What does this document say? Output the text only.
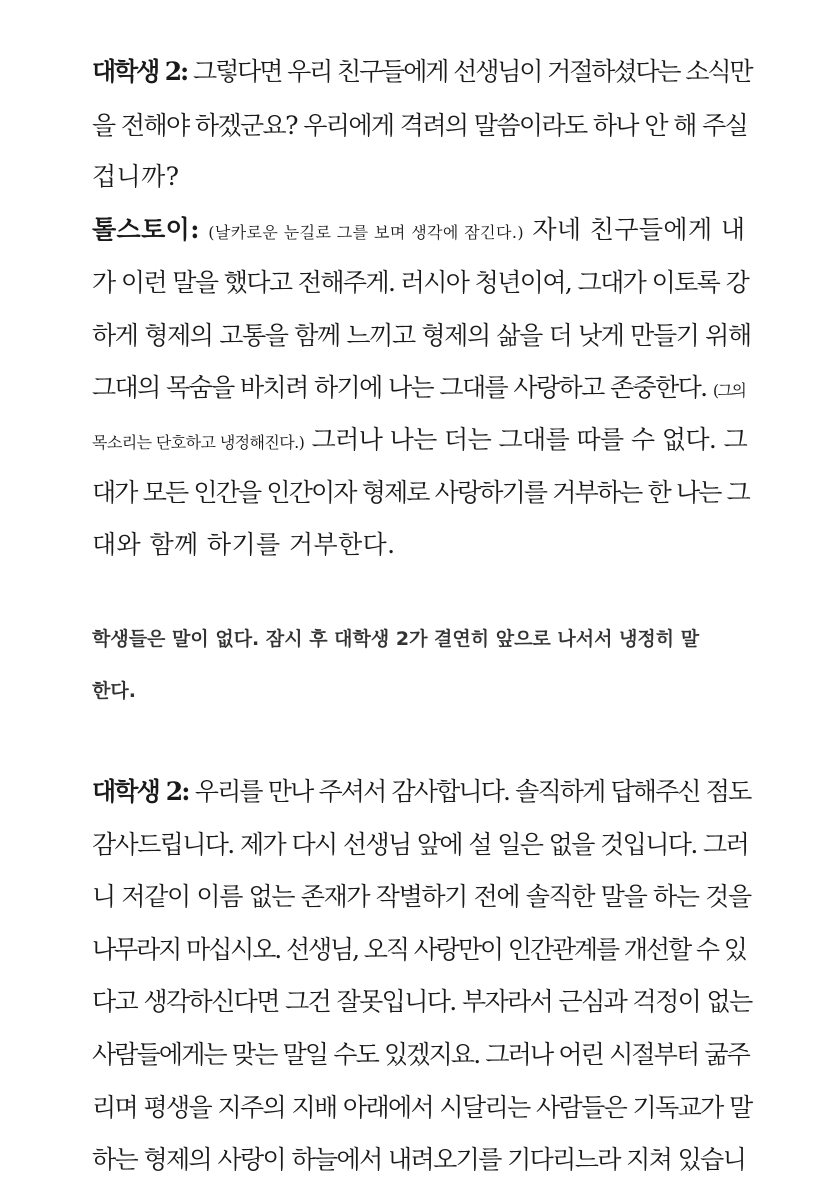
대학생 2: 그렇다면 우리 친구들에게 선생님이 거절하셨다는 소식만
을 전해야 하겠군요? 우리에게 격려의 말씀이라도 하나 안 해 주실
겁니까?
톨스토이: (날카로운 눈길로 그를 보며 생각에 잠긴다.) 자네 친구들에게 내
가 이런 말을 했다고 전해주게. 러시아 청년이여, 그대가 이토록 강
하게 형제의 고통을 함께 느끼고 형제의 삶을 더 낫게 만들기 위해
그대의 목숨을 바치려 하기에 나는 그대를 사랑하고 존중한다. (그의
목소리는 단호하고 냉정해진다.) 그러나 나는 더는 그대를 따를 수 없다. 그
대가 모든 인간을 인간이자 형제로 사랑하기를 거부하는 한 나는 그
대와 함께 하기를 거부한다.
학생들은 말이 없다. 잠시 후 대학생 2가 결연히 앞으로 나서서 냉정히 말
한다.
대학생 2: 우리를 만나 주셔서 감사합니다. 솔직하게 답해주신 점도
감사드립니다. 제가 다시 선생님 앞에 설 일은 없을 것입니다. 그러
니 저같이 이름 없는 존재가 작별하기 전에 솔직한 말을 하는 것을
나무라지 마십시오. 선생님, 오직 사랑만이 인간관계를 개선할 수 있
다고 생각하신다면 그건 잘못입니다. 부자라서 근심과 걱정이 없는
사람들에게는 맞는 말일 수도 있겠지요. 그러나 어린 시절부터 굶주
리며 평생을 지주의 지배 아래에서 시달리는 사람들은 기독교가 말
하는 형제의 사랑이 하늘에서 내려오기를 기다리느라 지쳐 있습니
